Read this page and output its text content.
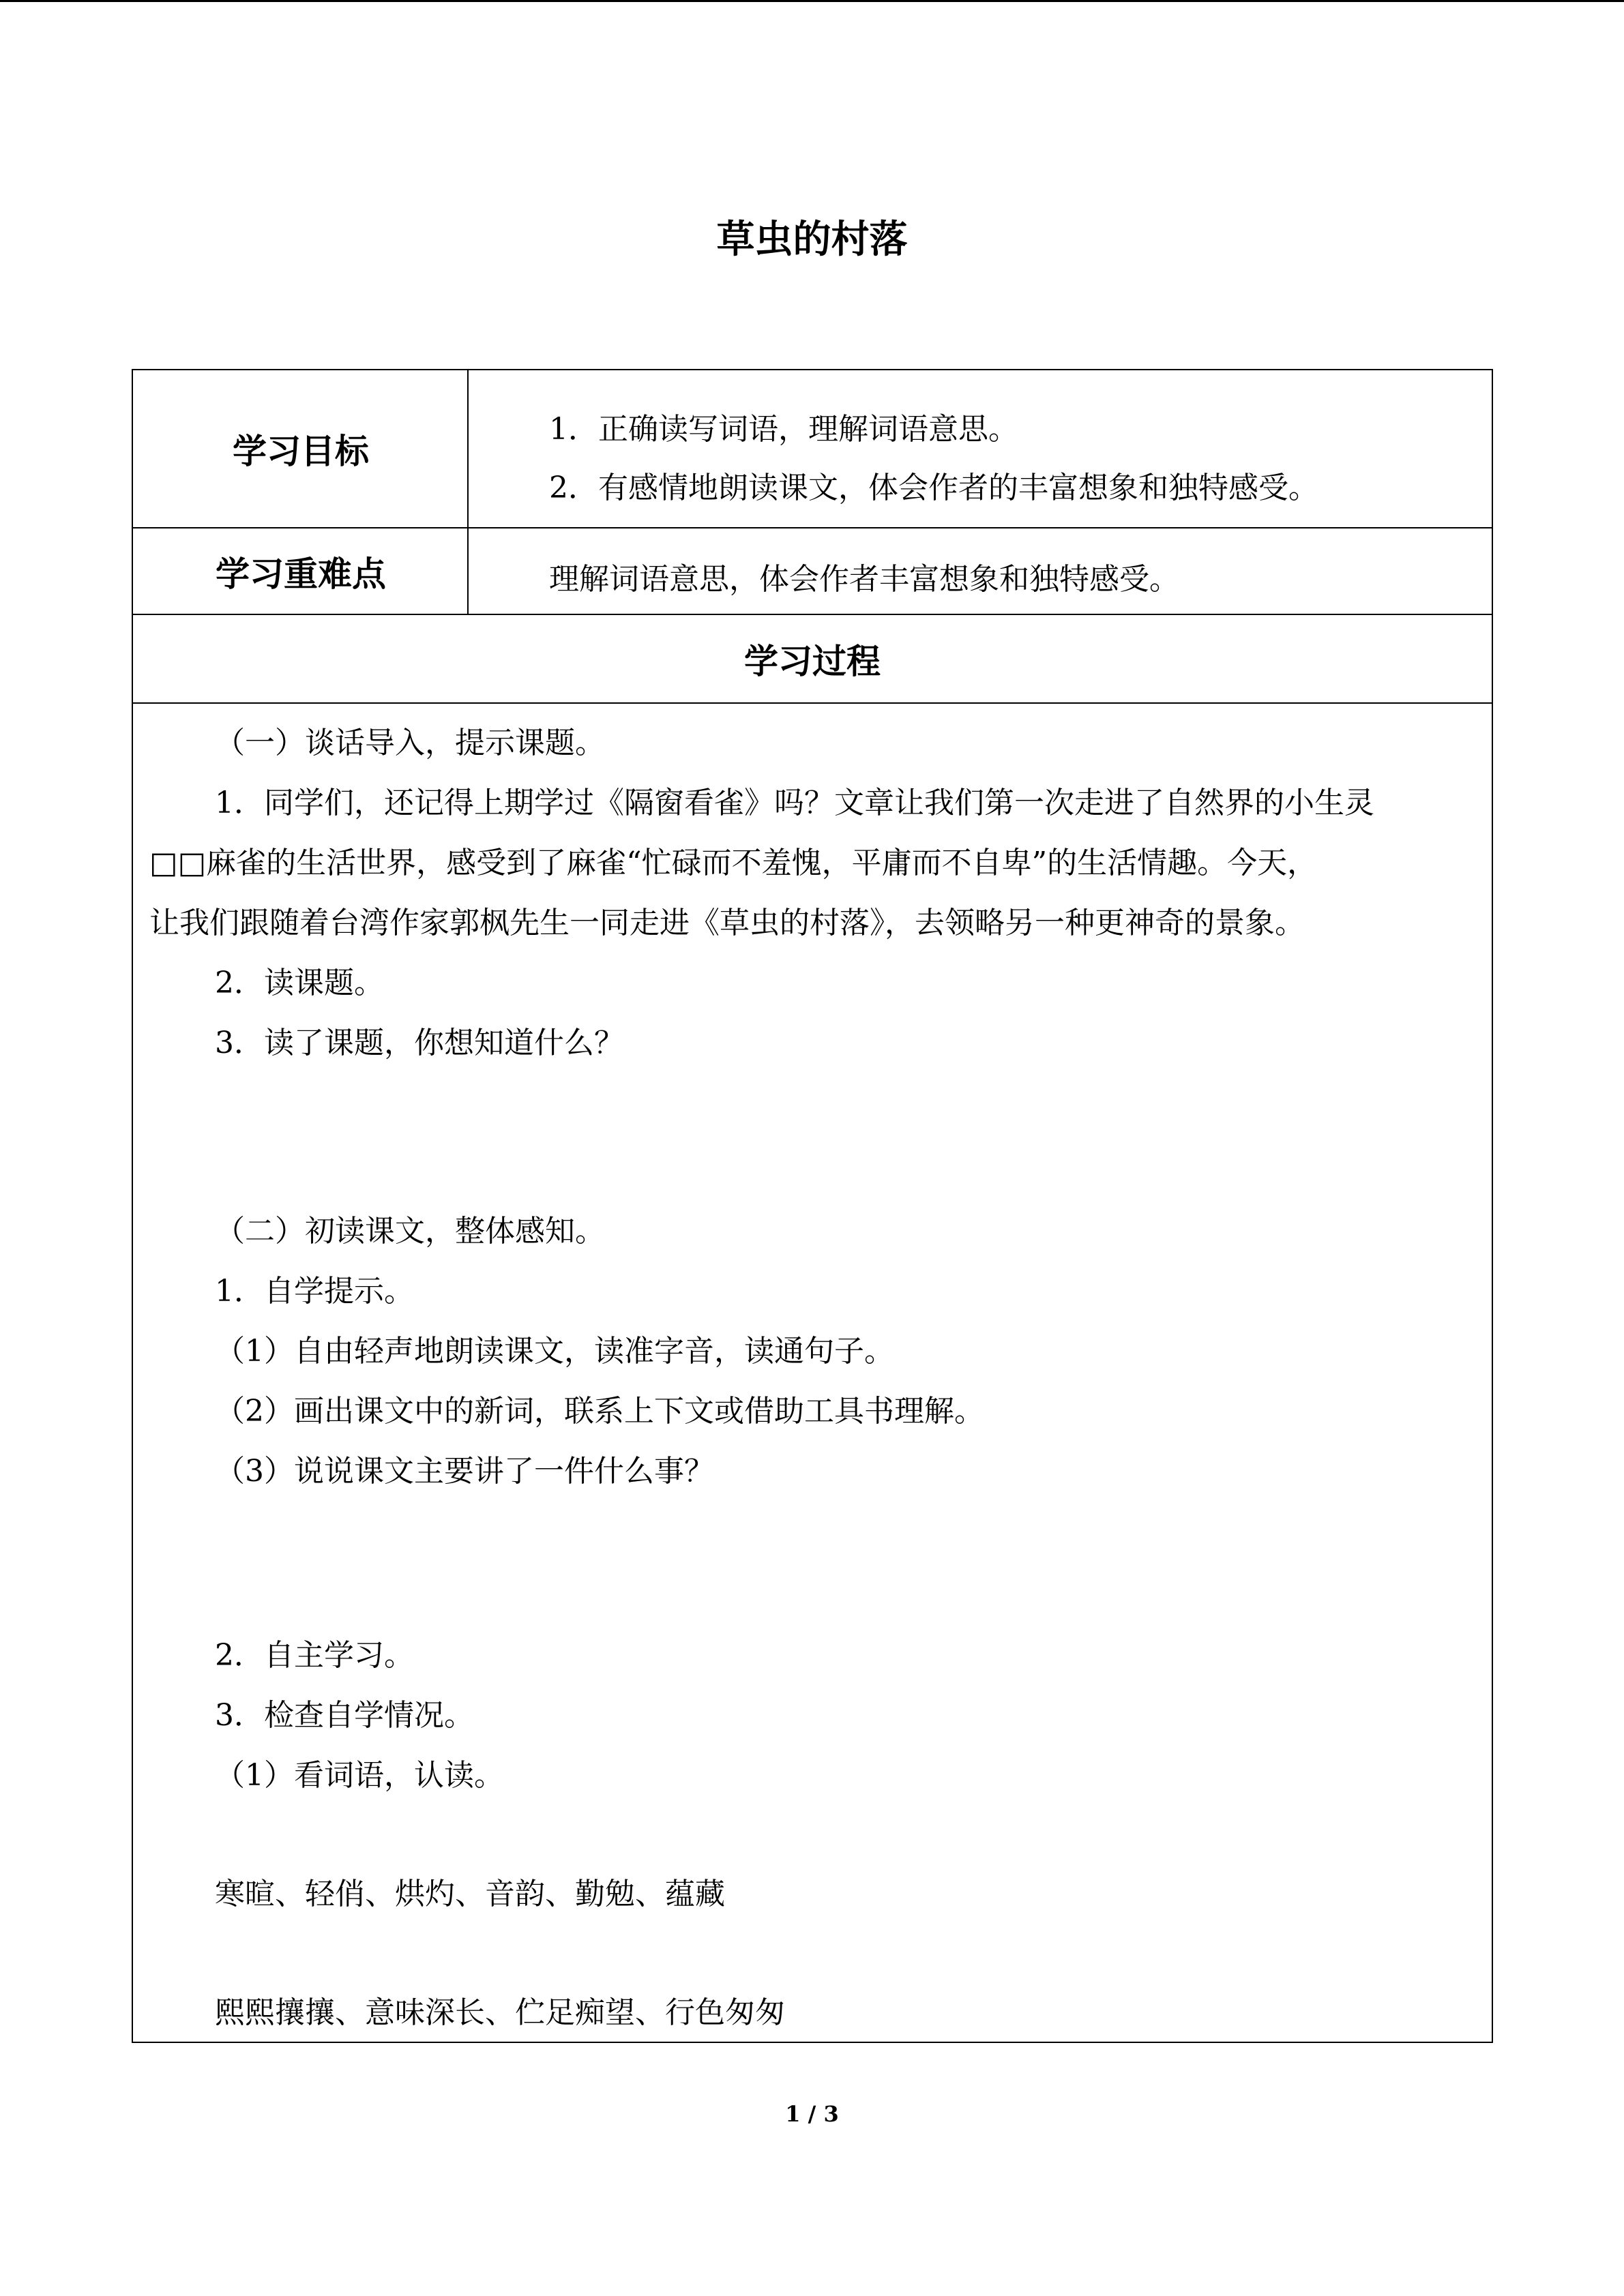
草虫的村落
学习目标
1．正确读写词语，理解词语意思。
2．有感情地朗读课文，体会作者的丰富想象和独特感受。
学习重难点	理解词语意思，体会作者丰富想象和独特感受。
学习过程
（一）谈话导入，提示课题。
1．同学们，还记得上期学过《隔窗看雀》吗？文章让我们第一次走进了自然界的小生灵
□□麻雀的生活世界，感受到了麻雀“忙碌而不羞愧，平庸而不自卑”的生活情趣。今天，
让我们跟随着台湾作家郭枫先生一同走进《草虫的村落》，去领略另一种更神奇的景象。
2．读课题。
3．读了课题，你想知道什么？
（二）初读课文，整体感知。
1．自学提示。
（1）自由轻声地朗读课文，读准字音，读通句子。
（2）画出课文中的新词，联系上下文或借助工具书理解。
（3）说说课文主要讲了一件什么事？
2．自主学习。
3．检查自学情况。
（1）看词语，认读。
寒暄、轻俏、烘灼、音韵、勤勉、蕴藏
熙熙攘攘、意味深长、伫足痴望、行色匆匆
1 / 3
